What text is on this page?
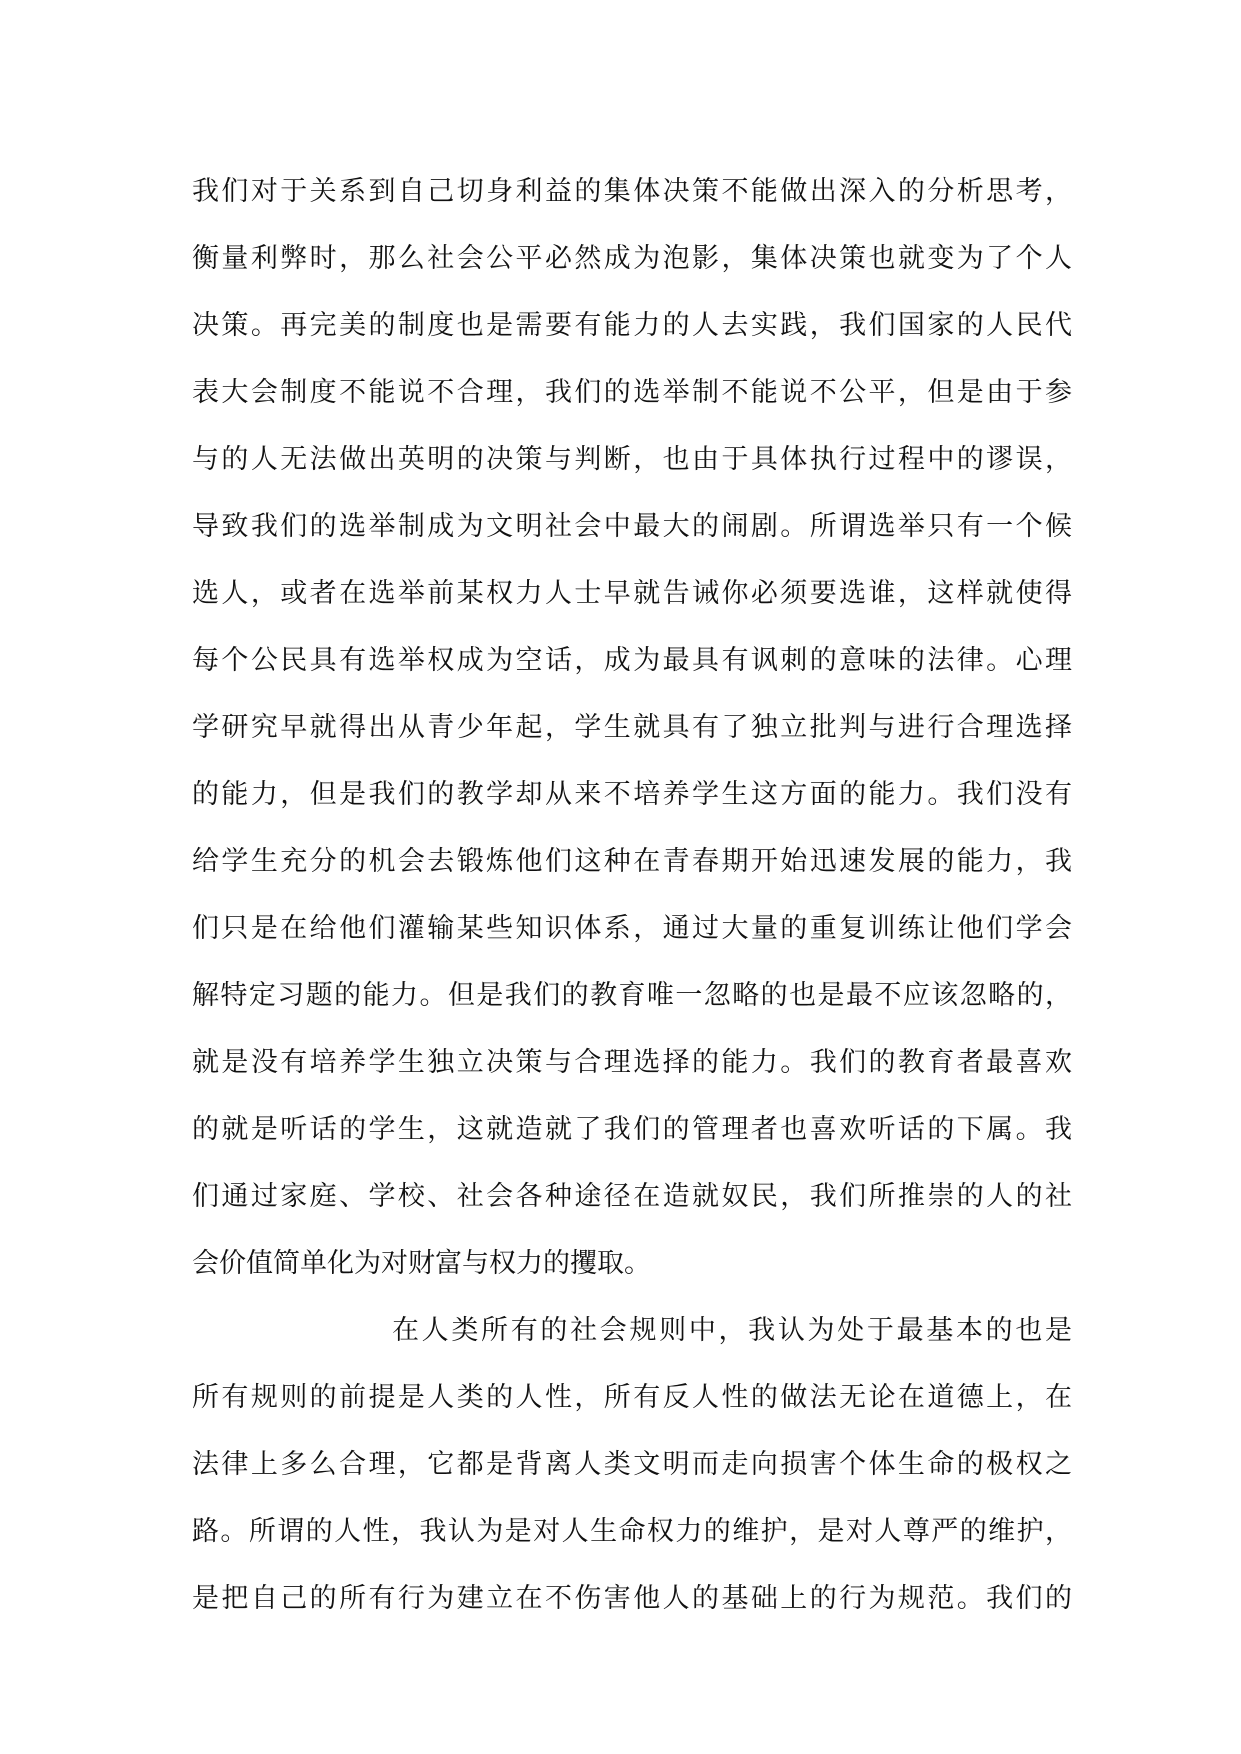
我们对于关系到自己切身利益的集体决策不能做出深入的分析思考，
衡量利弊时，那么社会公平必然成为泡影，集体决策也就变为了个人
决策。再完美的制度也是需要有能力的人去实践，我们国家的人民代
表大会制度不能说不合理，我们的选举制不能说不公平，但是由于参
与的人无法做出英明的决策与判断，也由于具体执行过程中的谬误，
导致我们的选举制成为文明社会中最大的闹剧。所谓选举只有一个候
选人，或者在选举前某权力人士早就告诫你必须要选谁，这样就使得
每个公民具有选举权成为空话，成为最具有讽刺的意味的法律。心理
学研究早就得出从青少年起，学生就具有了独立批判与进行合理选择
的能力，但是我们的教学却从来不培养学生这方面的能力。我们没有
给学生充分的机会去锻炼他们这种在青春期开始迅速发展的能力，我
们只是在给他们灌输某些知识体系，通过大量的重复训练让他们学会
解特定习题的能力。但是我们的教育唯一忽略的也是最不应该忽略的，
就是没有培养学生独立决策与合理选择的能力。我们的教育者最喜欢
的就是听话的学生，这就造就了我们的管理者也喜欢听话的下属。我
们通过家庭、学校、社会各种途径在造就奴民，我们所推崇的人的社
会价值简单化为对财富与权力的攫取。
在人类所有的社会规则中，我认为处于最基本的也是
所有规则的前提是人类的人性，所有反人性的做法无论在道德上，在
法律上多么合理，它都是背离人类文明而走向损害个体生命的极权之
路。所谓的人性，我认为是对人生命权力的维护，是对人尊严的维护，
是把自己的所有行为建立在不伤害他人的基础上的行为规范。我们的
